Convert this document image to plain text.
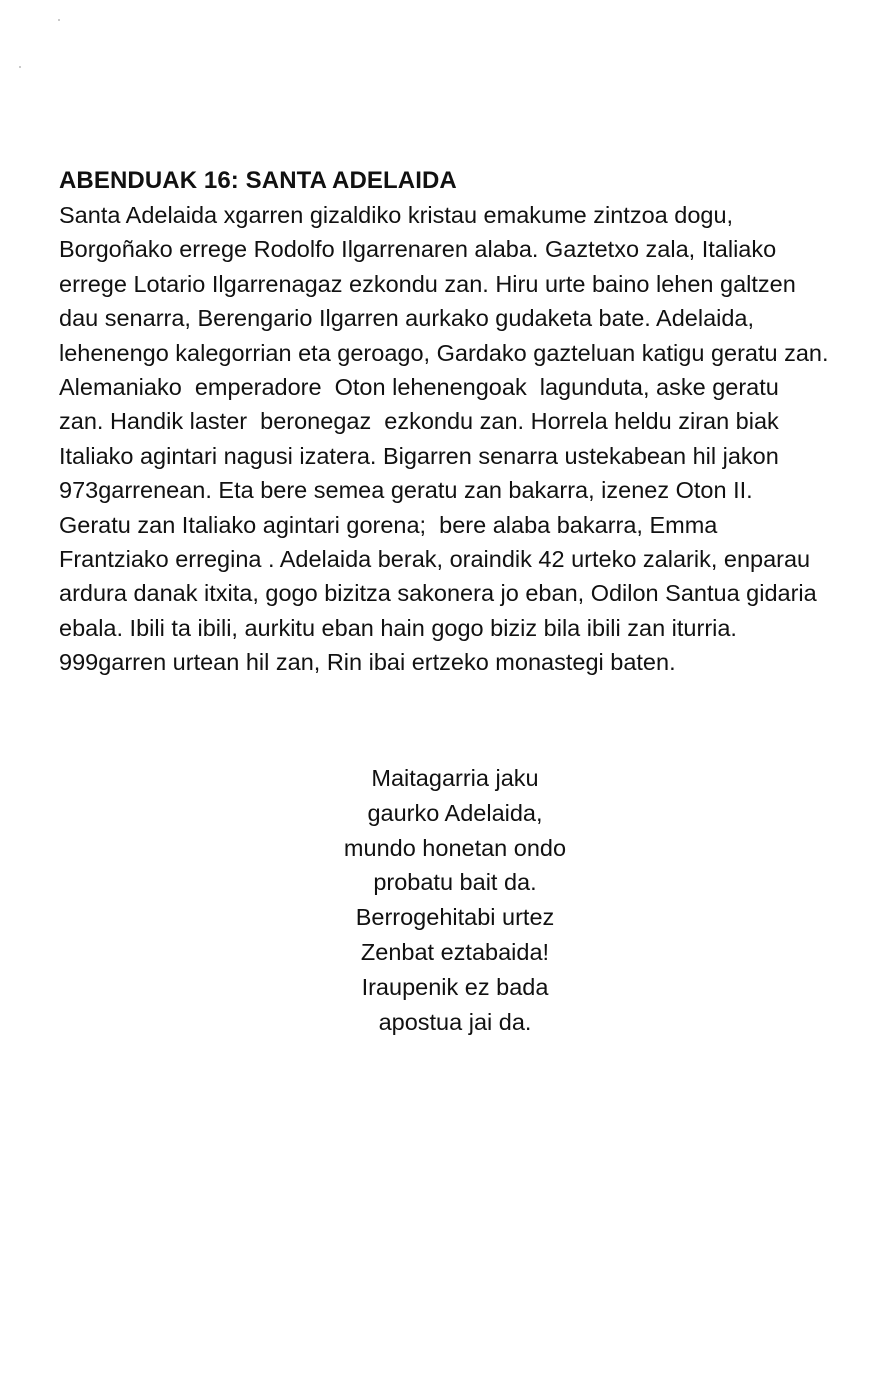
ABENDUAK 16: SANTA ADELAIDA
Santa Adelaida xgarren gizaldiko kristau emakume zintzoa dogu,
Borgoñako errege Rodolfo Ilgarrenaren alaba. Gaztetxo zala, Italiako
errege Lotario Ilgarrenagaz ezkondu zan. Hiru urte baino lehen galtzen
dau senarra, Berengario Ilgarren aurkako gudaketa bate. Adelaida,
lehenengo kalegorrian eta geroago, Gardako gazteluan katigu geratu zan.
Alemaniako  emperadore  Oton lehenengoak  lagunduta, aske geratu
zan. Handik laster  beronegaz  ezkondu zan. Horrela heldu ziran biak
Italiako agintari nagusi izatera. Bigarren senarra ustekabean hil jakon
973garrenean. Eta bere semea geratu zan bakarra, izenez Oton II.
Geratu zan Italiako agintari gorena;  bere alaba bakarra, Emma
Frantziako erregina . Adelaida berak, oraindik 42 urteko zalarik, enparau
ardura danak itxita, gogo bizitza sakonera jo eban, Odilon Santua gidaria
ebala. Ibili ta ibili, aurkitu eban hain gogo biziz bila ibili zan iturria.
999garren urtean hil zan, Rin ibai ertzeko monastegi baten.
Maitagarria jaku
gaurko Adelaida,
mundo honetan ondo
probatu bait da.
Berrogehitabi urtez
Zenbat eztabaida!
Iraupenik ez bada
apostua jai da.
